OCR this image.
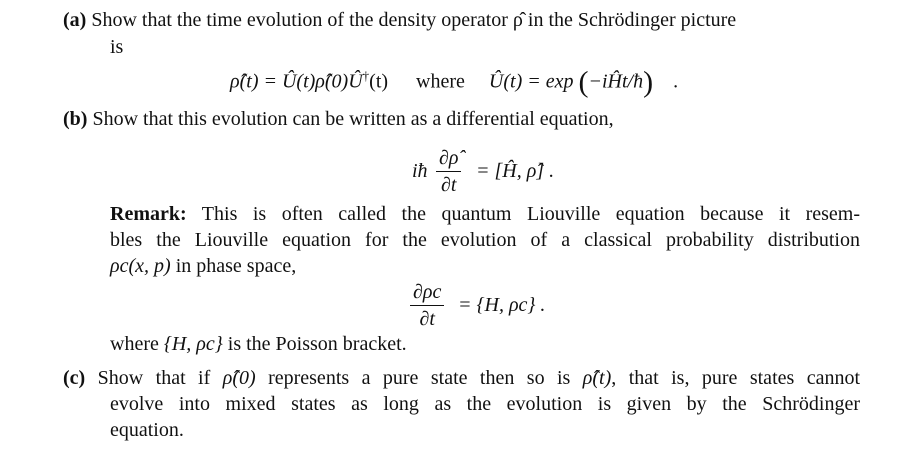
(a) Show that the time evolution of the density operator ρ̂ in the Schrödinger picture
is
ρ̂(t) = Û(t)ρ̂(0)Û†(t) where Û(t) = exp (−iĤt/ħ) .
(b) Show that this evolution can be written as a differential equation,
iħ
∂ρ̂
∂t
= [Ĥ, ρ̂] .
Remark: This is often called the quantum Liouville equation because it resem-
bles the Liouville equation for the evolution of a classical probability distribution
ρc(x, p) in phase space,
∂ρc
∂t
= {H, ρc} .
where {H, ρc} is the Poisson bracket.
(c) Show that if ρ̂(0) represents a pure state then so is ρ̂(t), that is, pure states cannot
evolve into mixed states as long as the evolution is given by the Schrödinger
equation.
